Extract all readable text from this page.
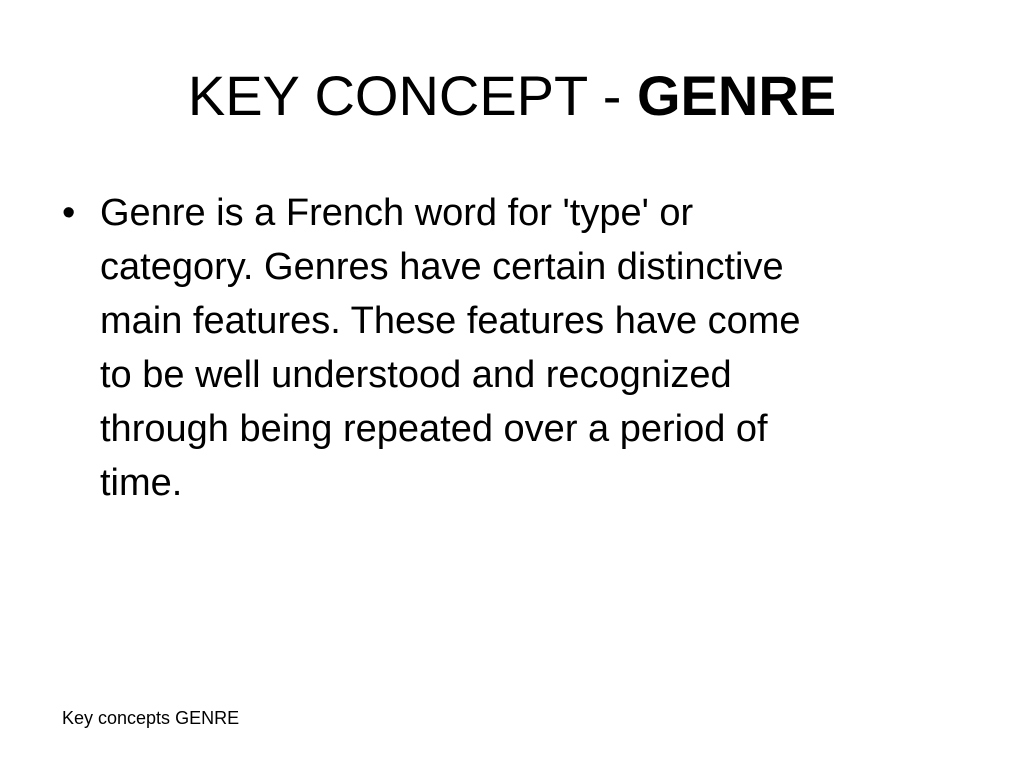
KEY CONCEPT - GENRE
• Genre is a French word for 'type' or
category. Genres have certain distinctive
main features. These features have come
to be well understood and recognized
through being repeated over a period of
time.
Key concepts GENRE
